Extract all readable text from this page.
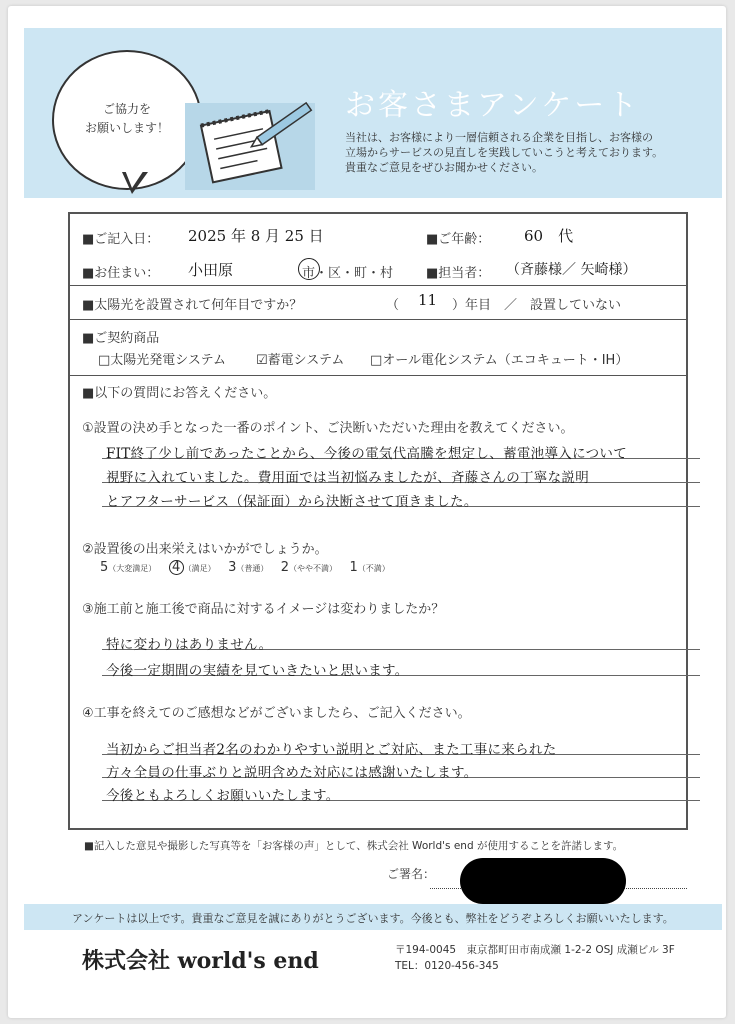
ご協力を
お願いします！
お客さまアンケート
当社は、お客様により一層信頼される企業を目指し、お客様の
立場からサービスの見直しを実践していこうと考えております。
貴重なご意見をぜひお聞かせください。
■ご記入日： 2025 年 8 月 25 日	■ご年齢： 60　代
■お住まい： 小田原	市・区・町・村	■担当者： （斉藤様／ 矢崎様）
■太陽光を設置されて何年目ですか？	（ 11 ）年目　／　設置していない
■ご契約商品
□太陽光発電システム ☑蓄電システム □オール電化システム（エコキュート・IH）
■以下の質問にお答えください。
①設置の決め手となった一番のポイント、ご決断いただいた理由を教えてください。
FIT終了少し前であったことから、今後の電気代高騰を想定し、蓄電池導入について
視野に入れていました。費用面では当初悩みましたが、斉藤さんの丁寧な説明
とアフターサービス（保証面）から決断させて頂きました。
②設置後の出来栄えはいかがでしょうか。
5（大変満足） 4 （満足） 3（普通） 2（やや不満） 1（不満）
③施工前と施工後で商品に対するイメージは変わりましたか？
特に変わりはありません。
今後一定期間の実績を見ていきたいと思います。
④工事を終えてのご感想などがございましたら、ご記入ください。
当初からご担当者2名のわかりやすい説明とご対応、また工事に来られた
方々全員の仕事ぶりと説明含めた対応には感謝いたします。
今後ともよろしくお願いいたします。
■記入した意見や撮影した写真等を「お客様の声」として、株式会社 World's end が使用することを許諾します。
ご署名：
アンケートは以上です。貴重なご意見を誠にありがとうございます。今後とも、弊社をどうぞよろしくお願いいたします。
株式会社 world's end	〒194-0045　東京都町田市南成瀬 1-2-2 OSJ 成瀬ビル 3F
TEL：0120-456-345
